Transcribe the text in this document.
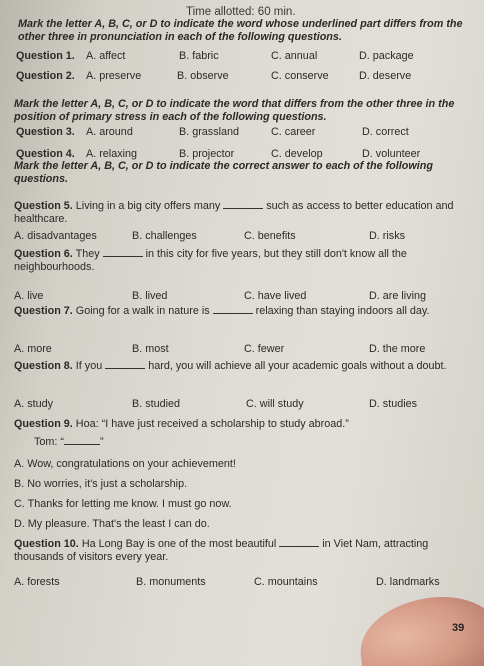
Time allotted: 60 min.
Mark the letter A, B, C, or D to indicate the word whose underlined part differs from the other three in pronunciation in each of the following questions.
Question 1. A. affect	B. fabric	C. annual	D. package
Question 2. A. preserve	B. observe	C. conserve	D. deserve
Mark the letter A, B, C, or D to indicate the word that differs from the other three in the position of primary stress in each of the following questions.
Question 3. A. around	B. grassland	C. career	D. correct
Question 4. A. relaxing	B. projector	C. develop	D. volunteer
Mark the letter A, B, C, or D to indicate the correct answer to each of the following questions.
Question 5. Living in a big city offers many	such as access to better education and healthcare.
A. disadvantages	B. challenges	C. benefits	D. risks
Question 6. They	in this city for five years, but they still don't know all the neighbourhoods.
A. live	B. lived	C. have lived	D. are living
Question 7. Going for a walk in nature is	relaxing than staying indoors all day.
A. more	B. most	C. fewer	D. the more
Question 8. If you	hard, you will achieve all your academic goals without a doubt.
A. study	B. studied	C. will study	D. studies
Question 9. Hoa: “I have just received a scholarship to study abroad.”
Tom: “	”
A. Wow, congratulations on your achievement!
B. No worries, it's just a scholarship.
C. Thanks for letting me know. I must go now.
D. My pleasure. That's the least I can do.
Question 10. Ha Long Bay is one of the most beautiful	in Viet Nam, attracting thousands of visitors every year.
A. forests	B. monuments	C. mountains	D. landmarks
39
